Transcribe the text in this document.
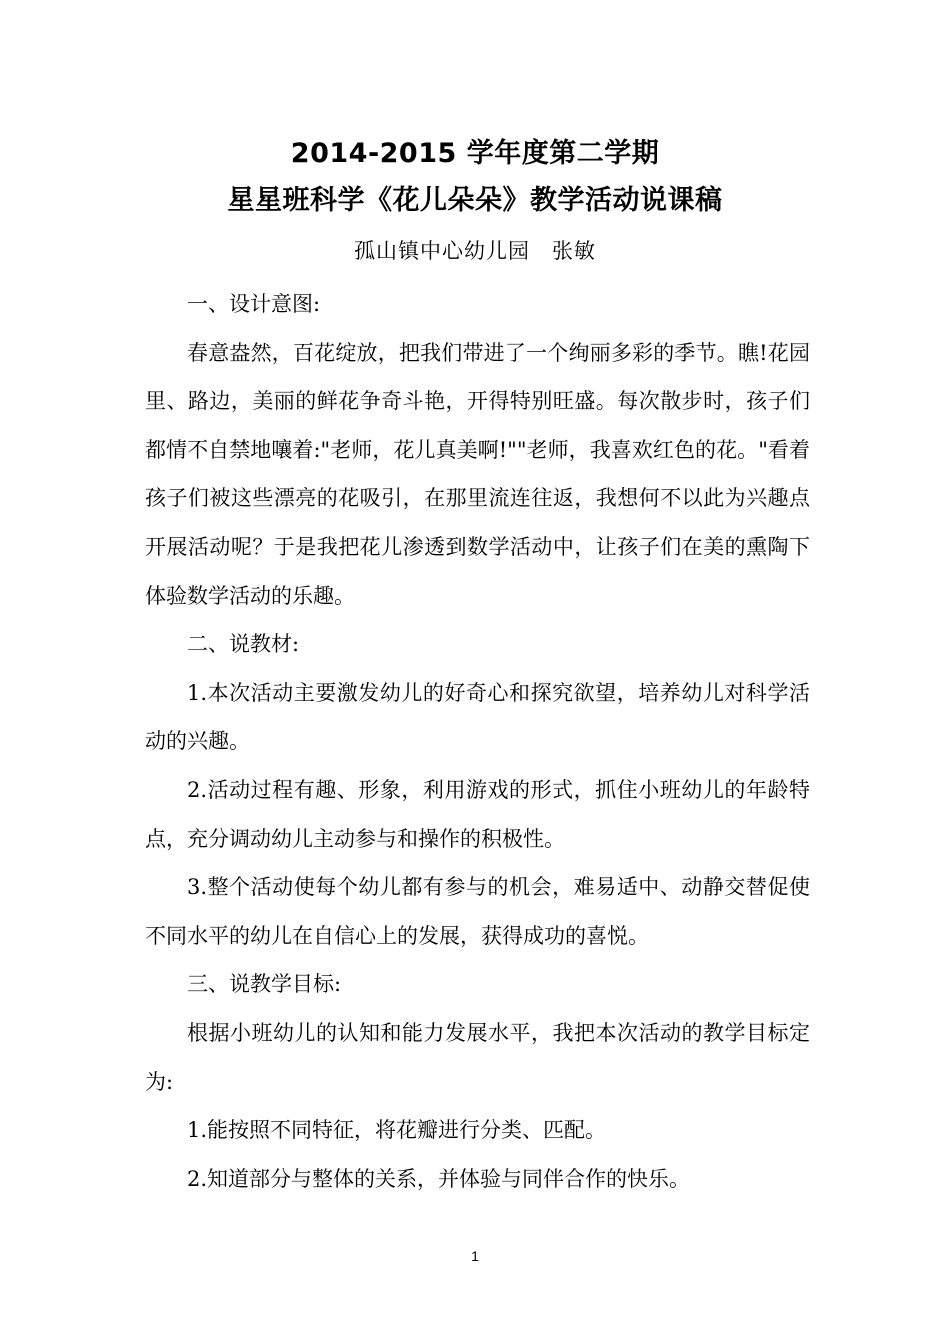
2014-2015 学年度第二学期
星星班科学《花儿朵朵》教学活动说课稿
孤山镇中心幼儿园　张敏

一、设计意图:

春意盎然，百花绽放，把我们带进了一个绚丽多彩的季节。瞧!花园里、路边，美丽的鲜花争奇斗艳，开得特别旺盛。每次散步时，孩子们都情不自禁地嚷着:"老师，花儿真美啊!""老师，我喜欢红色的花。"看着孩子们被这些漂亮的花吸引，在那里流连往返，我想何不以此为兴趣点开展活动呢？于是我把花儿渗透到数学活动中，让孩子们在美的熏陶下体验数学活动的乐趣。

二、说教材:

1.本次活动主要激发幼儿的好奇心和探究欲望，培养幼儿对科学活动的兴趣。

2.活动过程有趣、形象，利用游戏的形式，抓住小班幼儿的年龄特点，充分调动幼儿主动参与和操作的积极性。

3.整个活动使每个幼儿都有参与的机会，难易适中、动静交替促使不同水平的幼儿在自信心上的发展，获得成功的喜悦。

三、说教学目标:

根据小班幼儿的认知和能力发展水平，我把本次活动的教学目标定为:

1.能按照不同特征，将花瓣进行分类、匹配。

2.知道部分与整体的关系，并体验与同伴合作的快乐。

1
